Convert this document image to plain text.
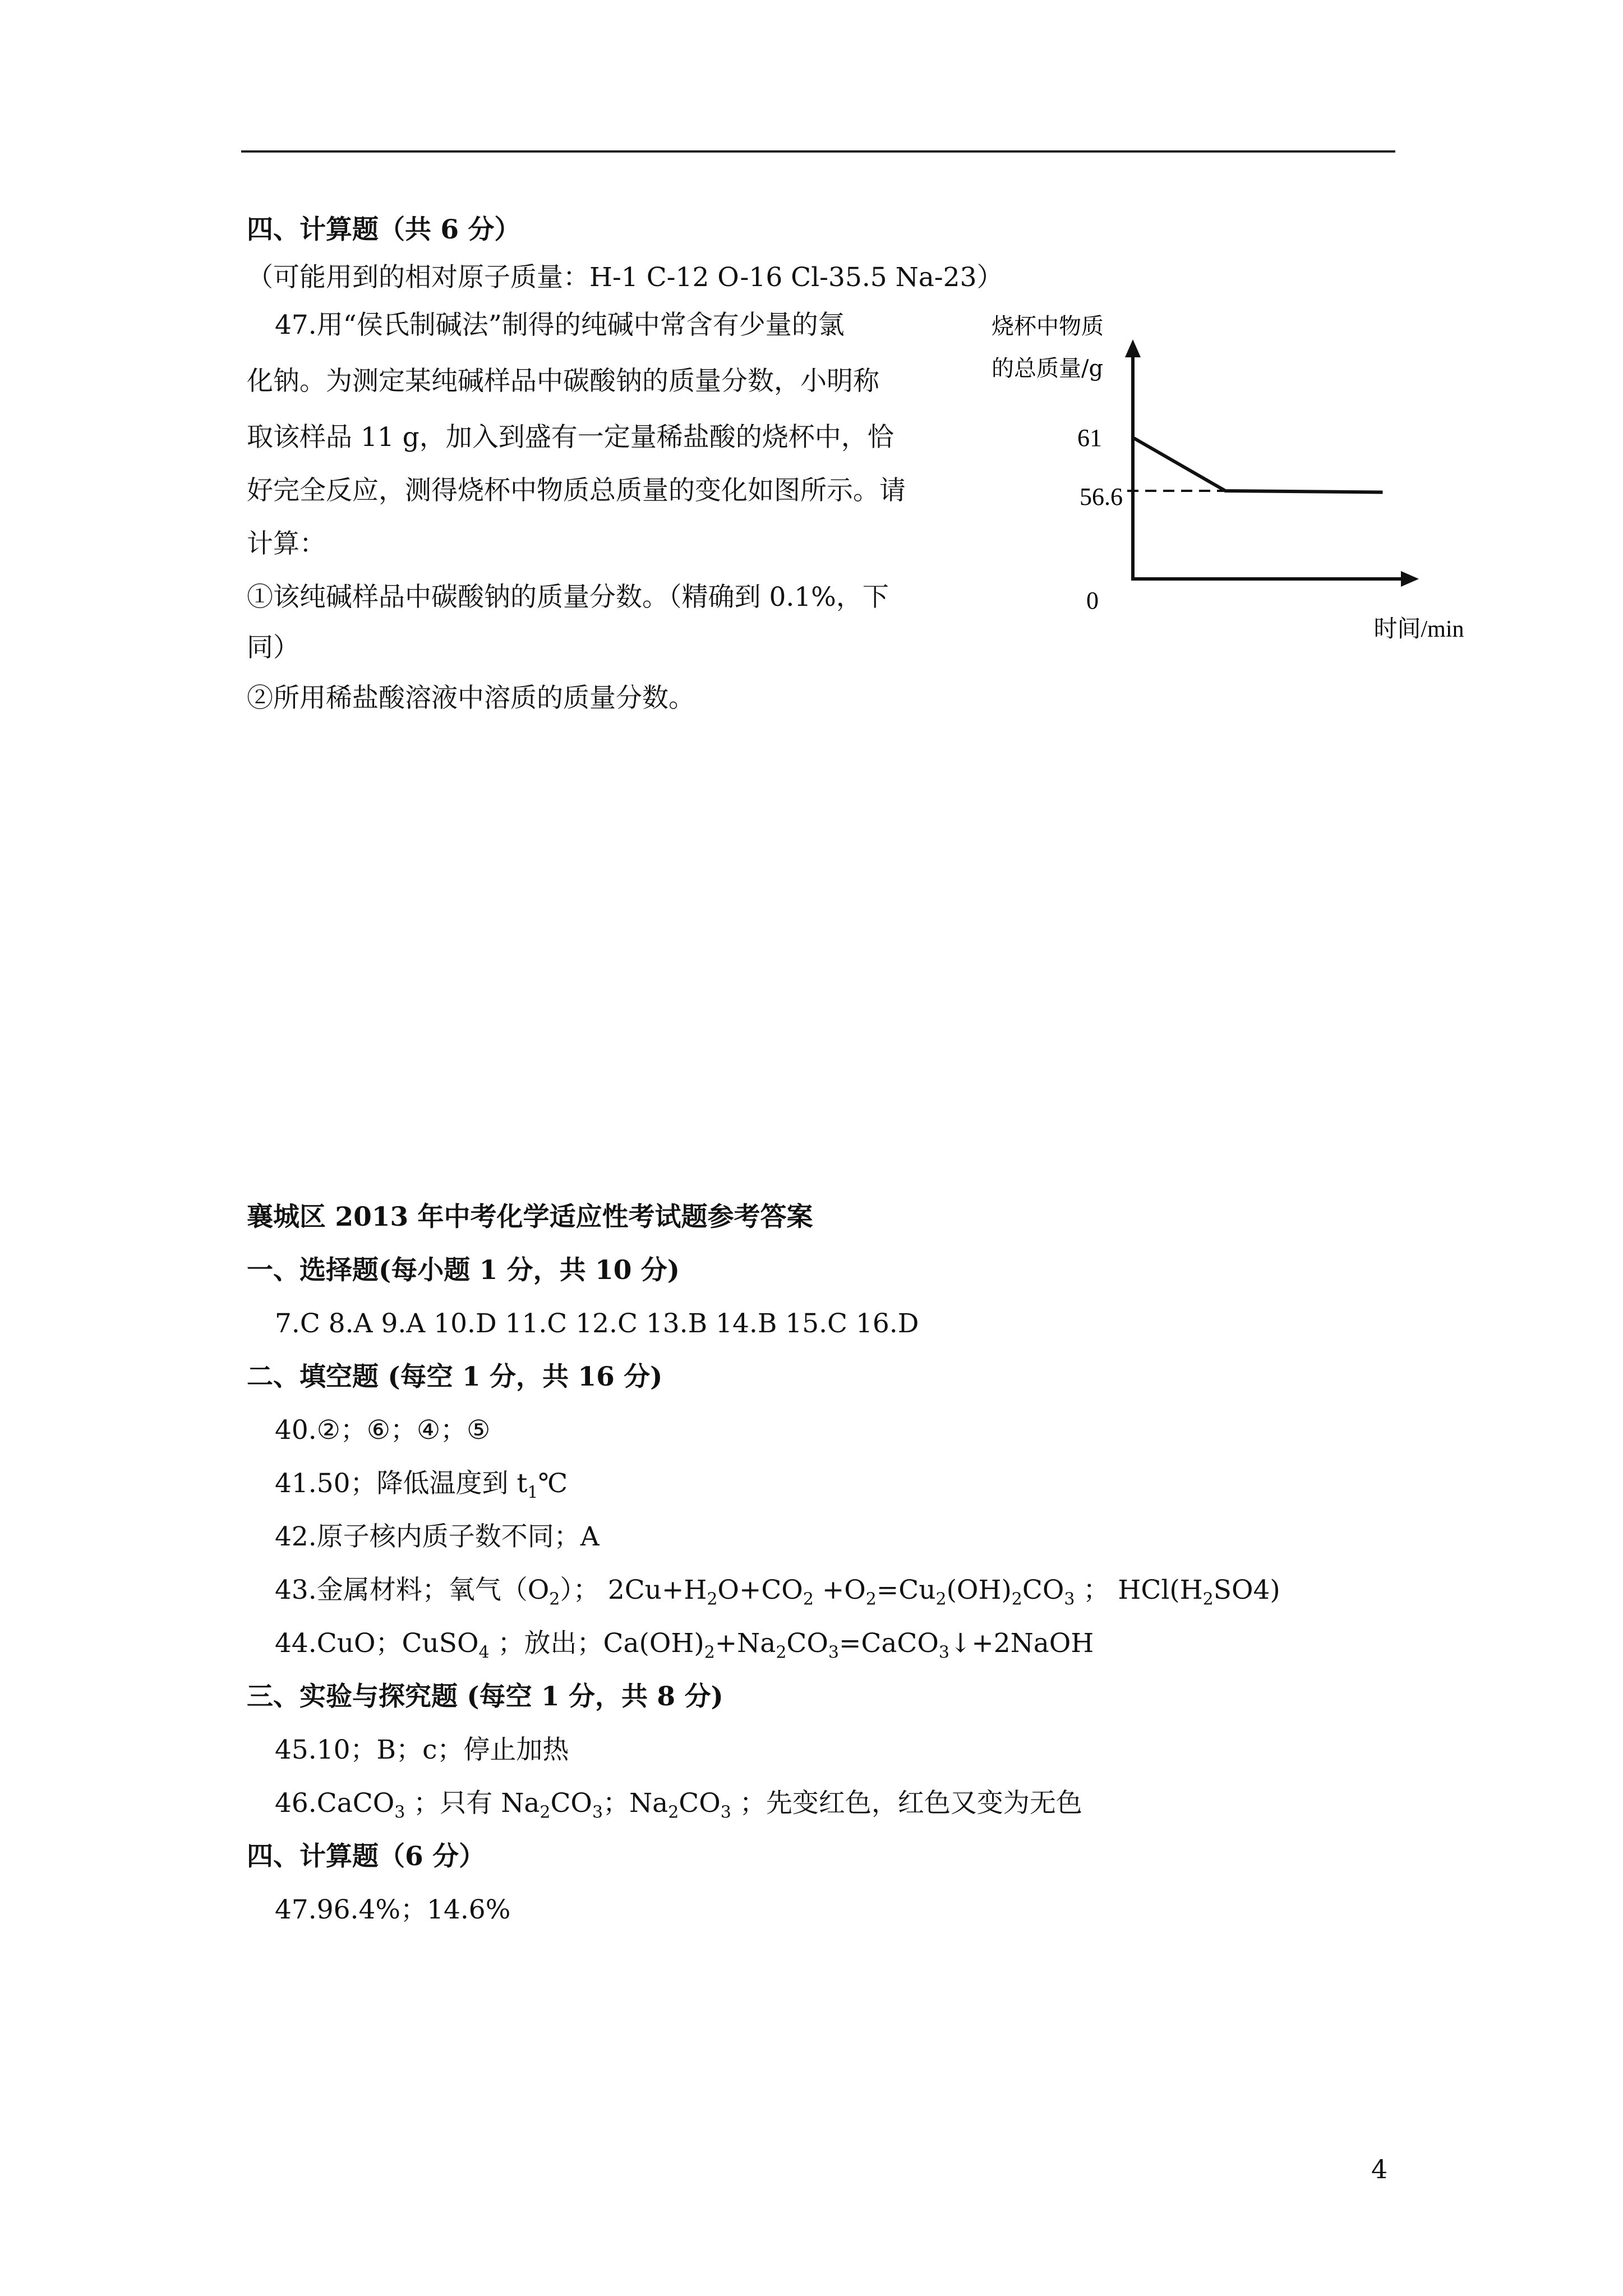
四、计算题（共 6 分）
（可能用到的相对原子质量：H-1 C-12 O-16 Cl-35.5 Na-23）
47.用“侯氏制碱法”制得的纯碱中常含有少量的氯
化钠。为测定某纯碱样品中碳酸钠的质量分数，小明称
取该样品 11 g，加入到盛有一定量稀盐酸的烧杯中，恰
好完全反应，测得烧杯中物质总质量的变化如图所示。请
计算：
①该纯碱样品中碳酸钠的质量分数。（精确到 0.1%，下
同）
②所用稀盐酸溶液中溶质的质量分数。
烧杯中物质
的总质量/g
61
56.6
0
时间/min
襄城区 2013 年中考化学适应性考试题参考答案
一、选择题(每小题 1 分，共 10 分)
7.C 8.A 9.A 10.D 11.C 12.C 13.B 14.B 15.C 16.D
二、填空题 (每空 1 分，共 16 分)
40.②；⑥；④；⑤
41.50；降低温度到 $t_1℃$
42.原子核内质子数不同；A
43.金属材料；氧气$(O_2)$； $2Cu+H_2O+CO_2 +O_2=Cu_2(OH)_2CO_3$ ； $HCl(H_2SO4)$
44.CuO；CuSO$_4$ ；放出；$Ca(OH)_2+Na_2CO_3=CaCO_3↓+2NaOH$
三、实验与探究题 (每空 1 分，共 8 分)
45.10；B；c；停止加热
46.CaCO$_3$ ；只有 $Na_2CO_3$；$Na_2CO_3$ ；先变红色，红色又变为无色
四、计算题（6 分）
47.96.4%；14.6%
4
